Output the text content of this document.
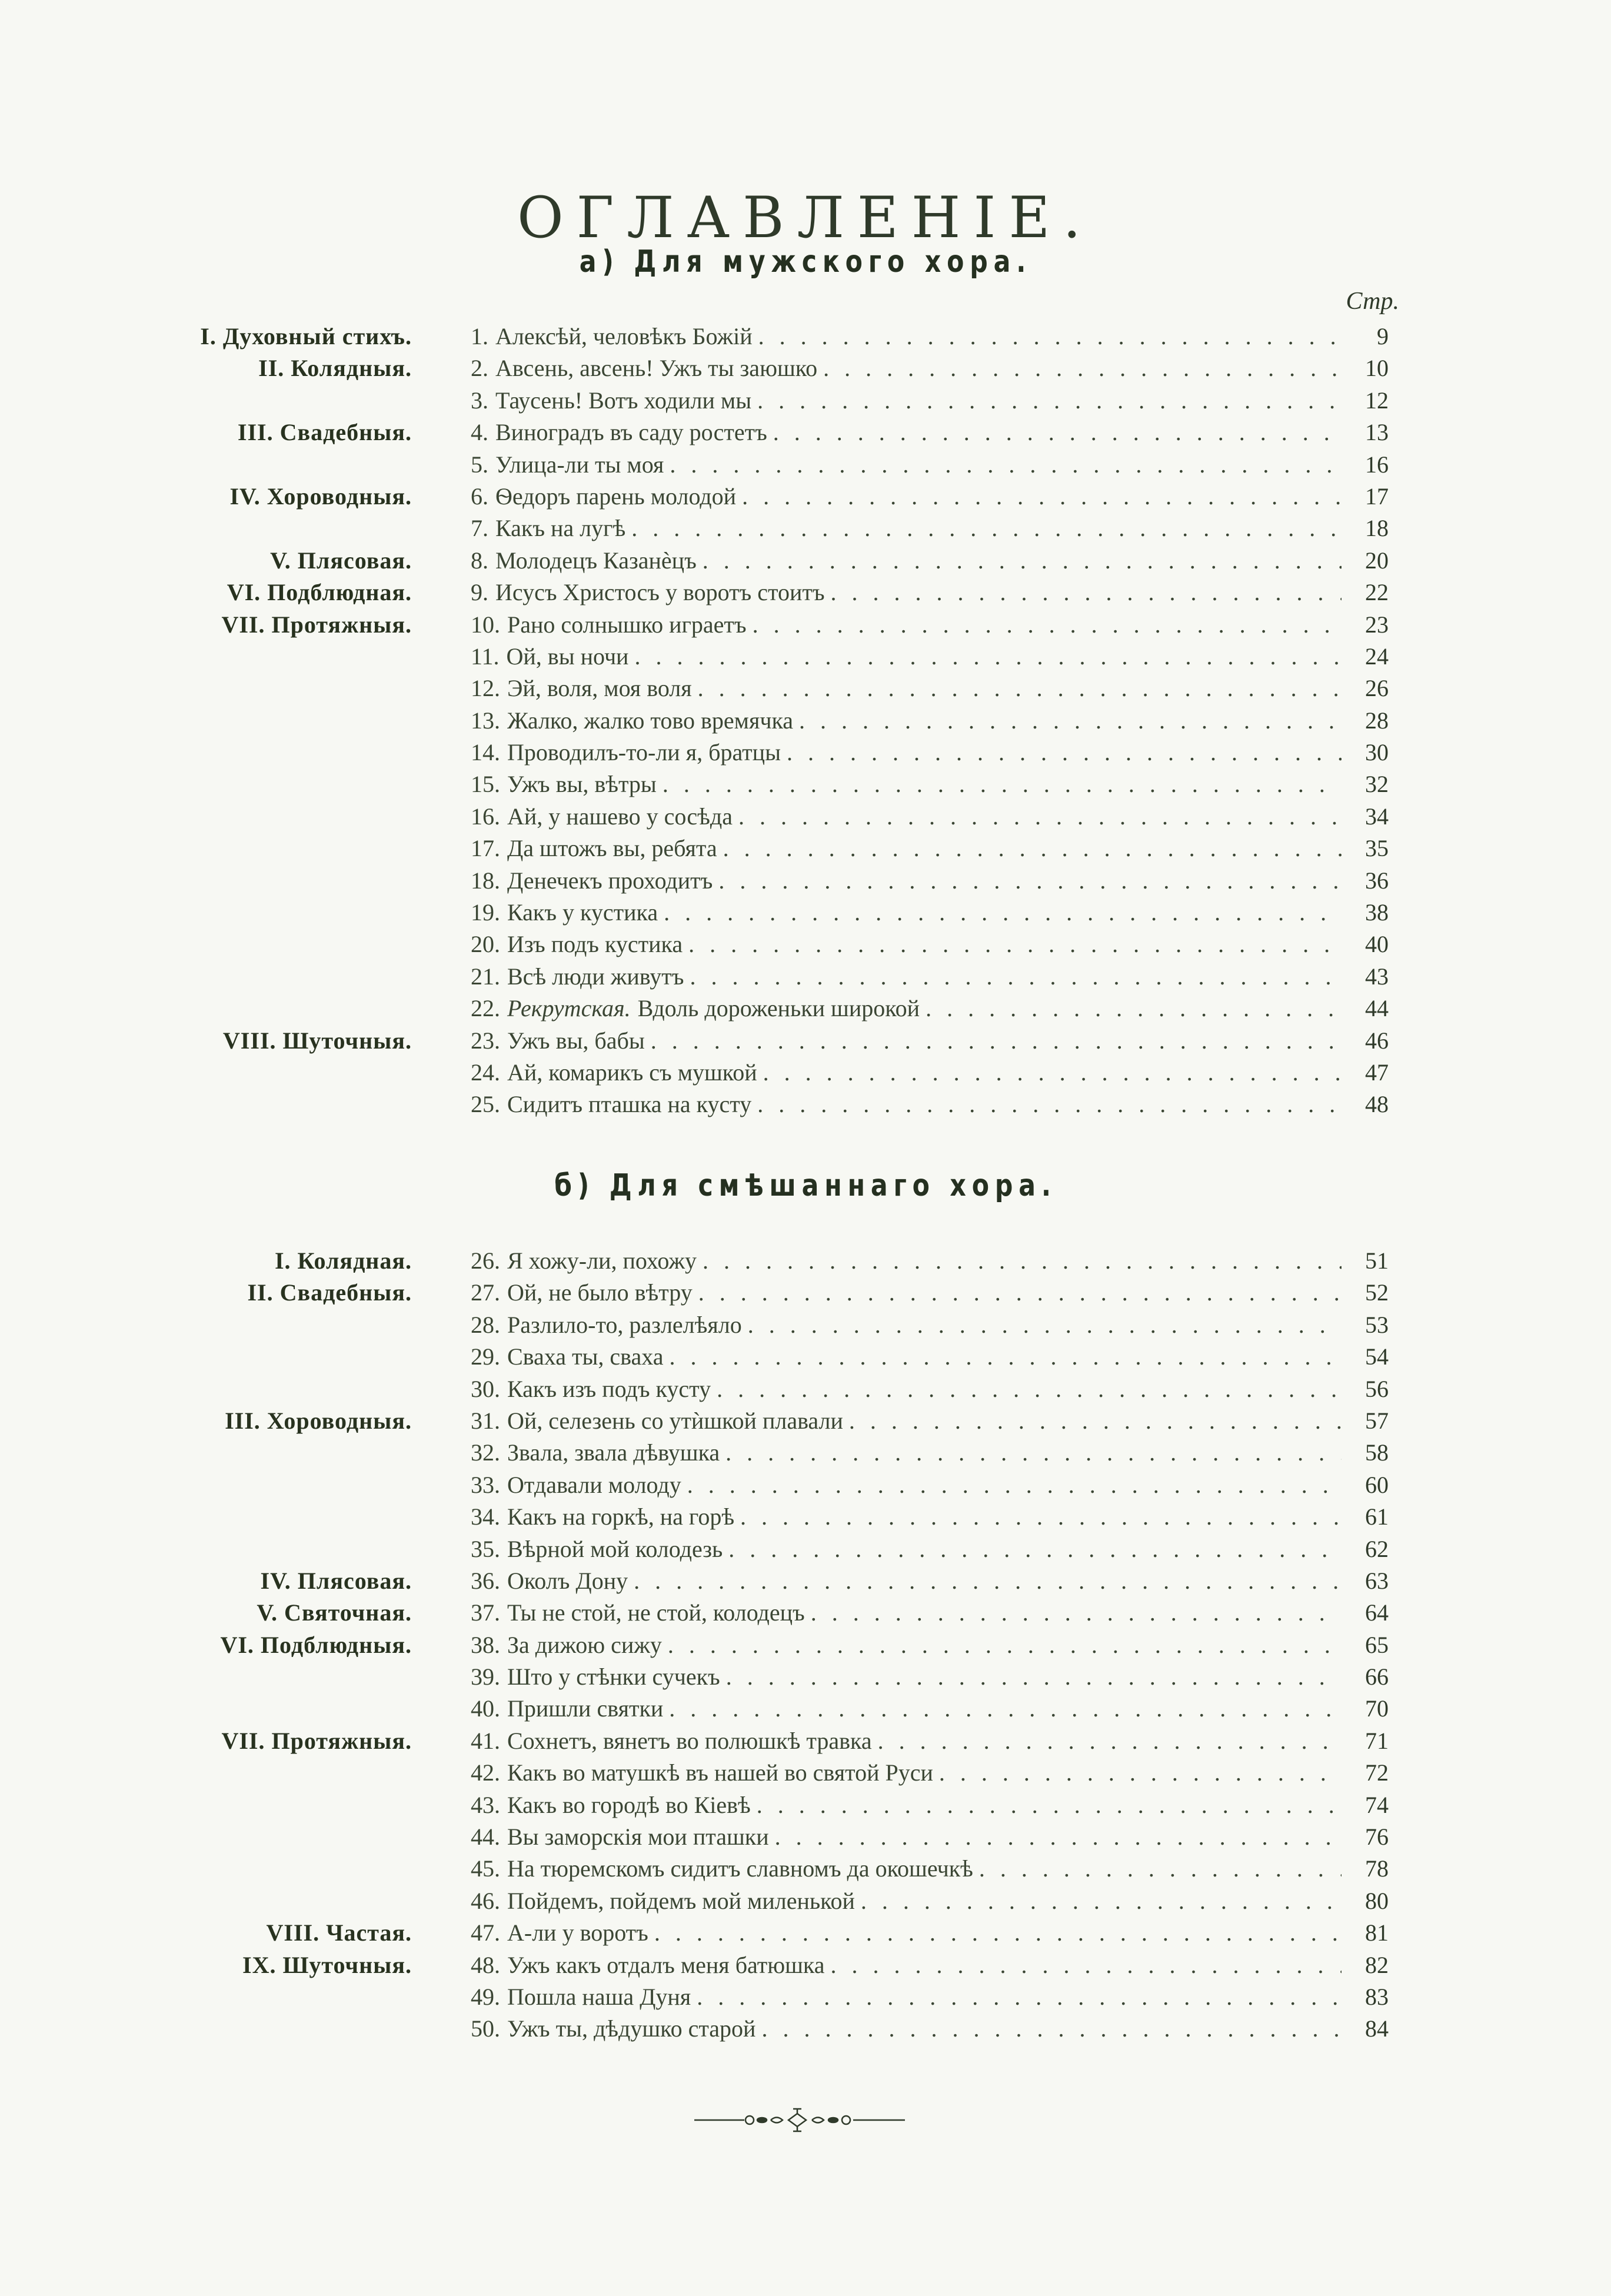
ОГЛАВЛЕНІЕ.
а) Для мужского хора.
Стр.
I. Духовный стихъ.	1. Алексѣй, человѣкъ Божій . . .	9
II. Колядныя.	2. Авсень, авсень! Ужъ ты заюшко . . .	10
3. Таусень! Вотъ ходили мы . . .	12
III. Свадебныя.	4. Виноградъ въ саду ростетъ . . .	13
5. Улица-ли ты моя . . .	16
IV. Хороводныя.	6. Ѳедоръ парень молодой . . .	17
7. Какъ на лугѣ . . .	18
V. Плясовая.	8. Молодецъ Казанѐцъ . . .	20
VI. Подблюдная.	9. Исусъ Христосъ у воротъ стоитъ . . .	22
VII. Протяжныя.	10. Рано солнышко играетъ . . .	23
11. Ой, вы ночи . . .	24
12. Эй, воля, моя воля . . .	26
13. Жалко, жалко тово времячка . . .	28
14. Проводилъ-то-ли я, братцы . . .	30
15. Ужъ вы, вѣтры . . .	32
16. Ай, у нашево у сосѣда . . .	34
17. Да штожъ вы, ребята . . .	35
18. Денечекъ проходитъ . . .	36
19. Какъ у кустика . . .	38
20. Изъ подъ кустика . . .	40
21. Всѣ люди живутъ . . .	43
22. Рекрутская. Вдоль дороженьки широкой . . .	44
VIII. Шуточныя.	23. Ужъ вы, бабы . . .	46
24. Ай, комарикъ съ мушкой . . .	47
25. Сидитъ пташка на кусту . . .	48
б) Для смѣшаннаго хора.
I. Колядная.	26. Я хожу-ли, похожу . . .	51
II. Свадебныя.	27. Ой, не было вѣтру . . .	52
28. Разлило-то, разлелѣяло . . .	53
29. Сваха ты, сваха . . .	54
30. Какъ изъ подъ кусту . . .	56
III. Хороводныя.	31. Ой, селезень со утѝшкой плавали . . .	57
32. Звала, звала дѣвушка . . .	58
33. Отдавали молоду . . .	60
34. Какъ на горкѣ, на горѣ . . .	61
35. Вѣрной мой колодезь . . .	62
IV. Плясовая.	36. Околъ Дону . . .	63
V. Святочная.	37. Ты не стой, не стой, колодецъ . . .	64
VI. Подблюдныя.	38. За дижою сижу . . .	65
39. Што у стѣнки сучекъ . . .	66
40. Пришли святки . . .	70
VII. Протяжныя.	41. Сохнетъ, вянетъ во полюшкѣ травка . . .	71
42. Какъ во матушкѣ въ нашей во святой Руси . . .	72
43. Какъ во городѣ во Кіевѣ . . .	74
44. Вы заморскія мои пташки . . .	76
45. На тюремскомъ сидитъ славномъ да окошечкѣ . . .	78
46. Пойдемъ, пойдемъ мой миленькой . . .	80
VIII. Частая.	47. А-ли у воротъ . . .	81
IX. Шуточныя.	48. Ужъ какъ отдалъ меня батюшка . . .	82
49. Пошла наша Дуня . . .	83
50. Ужъ ты, дѣдушко старой . . .	84
